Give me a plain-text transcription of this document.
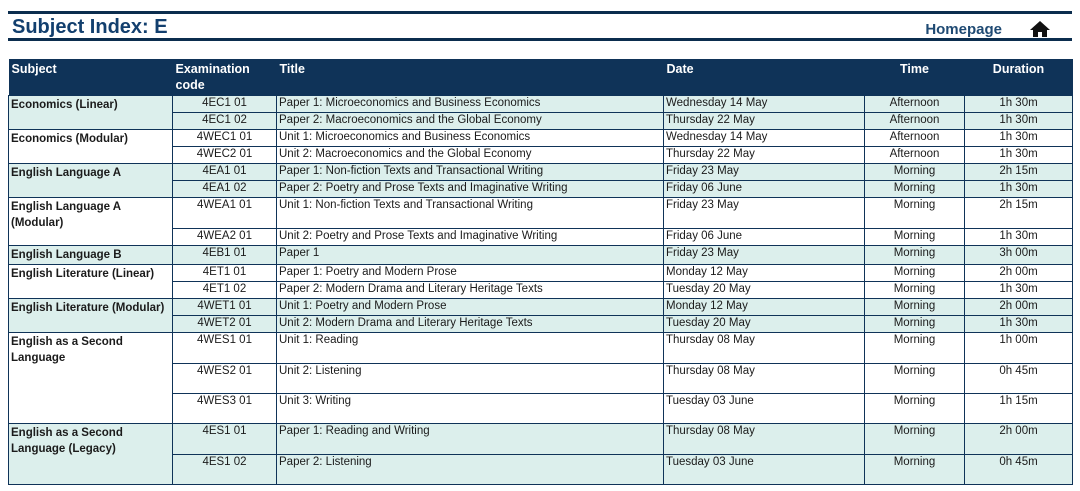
Subject Index: E	Homepage
Subject	Examination code	Title	Date	Time	Duration
Economics (Linear)	4EC1 01	Paper 1: Microeconomics and Business Economics	Wednesday 14 May	Afternoon	1h 30m
	4EC1 02	Paper 2: Macroeconomics and the Global Economy	Thursday 22 May	Afternoon	1h 30m
Economics (Modular)	4WEC1 01	Unit 1: Microeconomics and Business Economics	Wednesday 14 May	Afternoon	1h 30m
	4WEC2 01	Unit 2: Macroeconomics and the Global Economy	Thursday 22 May	Afternoon	1h 30m
English Language A	4EA1 01	Paper 1: Non-fiction Texts and Transactional Writing	Friday 23 May	Morning	2h 15m
	4EA1 02	Paper 2: Poetry and Prose Texts and Imaginative Writing	Friday 06 June	Morning	1h 30m
English Language A (Modular)	4WEA1 01	Unit 1: Non-fiction Texts and Transactional Writing	Friday 23 May	Morning	2h 15m
	4WEA2 01	Unit 2: Poetry and Prose Texts and Imaginative Writing	Friday 06 June	Morning	1h 30m
English Language B	4EB1 01	Paper 1	Friday 23 May	Morning	3h 00m
English Literature (Linear)	4ET1 01	Paper 1: Poetry and Modern Prose	Monday 12 May	Morning	2h 00m
	4ET1 02	Paper 2: Modern Drama and Literary Heritage Texts	Tuesday 20 May	Morning	1h 30m
English Literature (Modular)	4WET1 01	Unit 1: Poetry and Modern Prose	Monday 12 May	Morning	2h 00m
	4WET2 01	Unit 2: Modern Drama and Literary Heritage Texts	Tuesday 20 May	Morning	1h 30m
English as a Second Language	4WES1 01	Unit 1: Reading	Thursday 08 May	Morning	1h 00m
	4WES2 01	Unit 2: Listening	Thursday 08 May	Morning	0h 45m
	4WES3 01	Unit 3: Writing	Tuesday 03 June	Morning	1h 15m
English as a Second Language (Legacy)	4ES1 01	Paper 1: Reading and Writing	Thursday 08 May	Morning	2h 00m
	4ES1 02	Paper 2: Listening	Tuesday 03 June	Morning	0h 45m
